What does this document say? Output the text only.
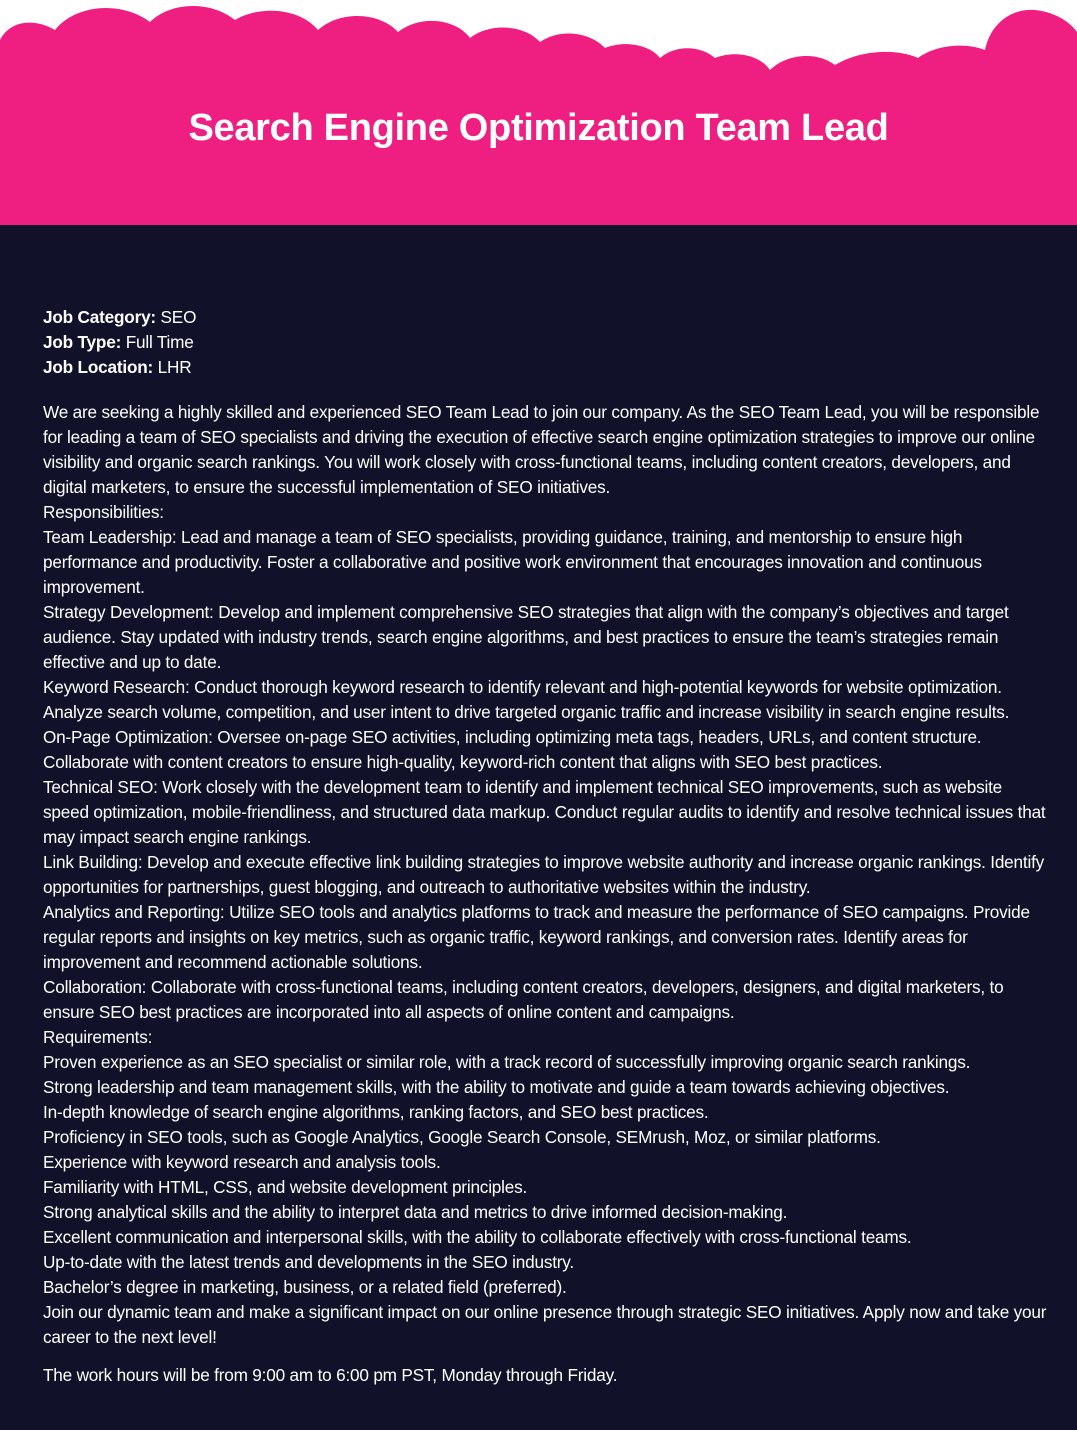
Search Engine Optimization Team Lead

Job Category: SEO

Job Type: Full Time

Job Location: LHR

We are seeking a highly skilled and experienced SEO Team Lead to join our company. As the SEO Team Lead, you will be responsible for leading a team of SEO specialists and driving the execution of effective search engine optimization strategies to improve our online visibility and organic search rankings. You will work closely with cross-functional teams, including content creators, developers, and digital marketers, to ensure the successful implementation of SEO initiatives.

Responsibilities:

Team Leadership: Lead and manage a team of SEO specialists, providing guidance, training, and mentorship to ensure high performance and productivity. Foster a collaborative and positive work environment that encourages innovation and continuous improvement.

Strategy Development: Develop and implement comprehensive SEO strategies that align with the company’s objectives and target audience. Stay updated with industry trends, search engine algorithms, and best practices to ensure the team’s strategies remain effective and up to date.

Keyword Research: Conduct thorough keyword research to identify relevant and high-potential keywords for website optimization. Analyze search volume, competition, and user intent to drive targeted organic traffic and increase visibility in search engine results.

On-Page Optimization: Oversee on-page SEO activities, including optimizing meta tags, headers, URLs, and content structure. Collaborate with content creators to ensure high-quality, keyword-rich content that aligns with SEO best practices.

Technical SEO: Work closely with the development team to identify and implement technical SEO improvements, such as website speed optimization, mobile-friendliness, and structured data markup. Conduct regular audits to identify and resolve technical issues that may impact search engine rankings.

Link Building: Develop and execute effective link building strategies to improve website authority and increase organic rankings. Identify opportunities for partnerships, guest blogging, and outreach to authoritative websites within the industry.

Analytics and Reporting: Utilize SEO tools and analytics platforms to track and measure the performance of SEO campaigns. Provide regular reports and insights on key metrics, such as organic traffic, keyword rankings, and conversion rates. Identify areas for improvement and recommend actionable solutions.

Collaboration: Collaborate with cross-functional teams, including content creators, developers, designers, and digital marketers, to ensure SEO best practices are incorporated into all aspects of online content and campaigns.

Requirements:

Proven experience as an SEO specialist or similar role, with a track record of successfully improving organic search rankings.

Strong leadership and team management skills, with the ability to motivate and guide a team towards achieving objectives.

In-depth knowledge of search engine algorithms, ranking factors, and SEO best practices.

Proficiency in SEO tools, such as Google Analytics, Google Search Console, SEMrush, Moz, or similar platforms.

Experience with keyword research and analysis tools.

Familiarity with HTML, CSS, and website development principles.

Strong analytical skills and the ability to interpret data and metrics to drive informed decision-making.

Excellent communication and interpersonal skills, with the ability to collaborate effectively with cross-functional teams.

Up-to-date with the latest trends and developments in the SEO industry.

Bachelor’s degree in marketing, business, or a related field (preferred).

Join our dynamic team and make a significant impact on our online presence through strategic SEO initiatives. Apply now and take your career to the next level!

The work hours will be from 9:00 am to 6:00 pm PST, Monday through Friday.
